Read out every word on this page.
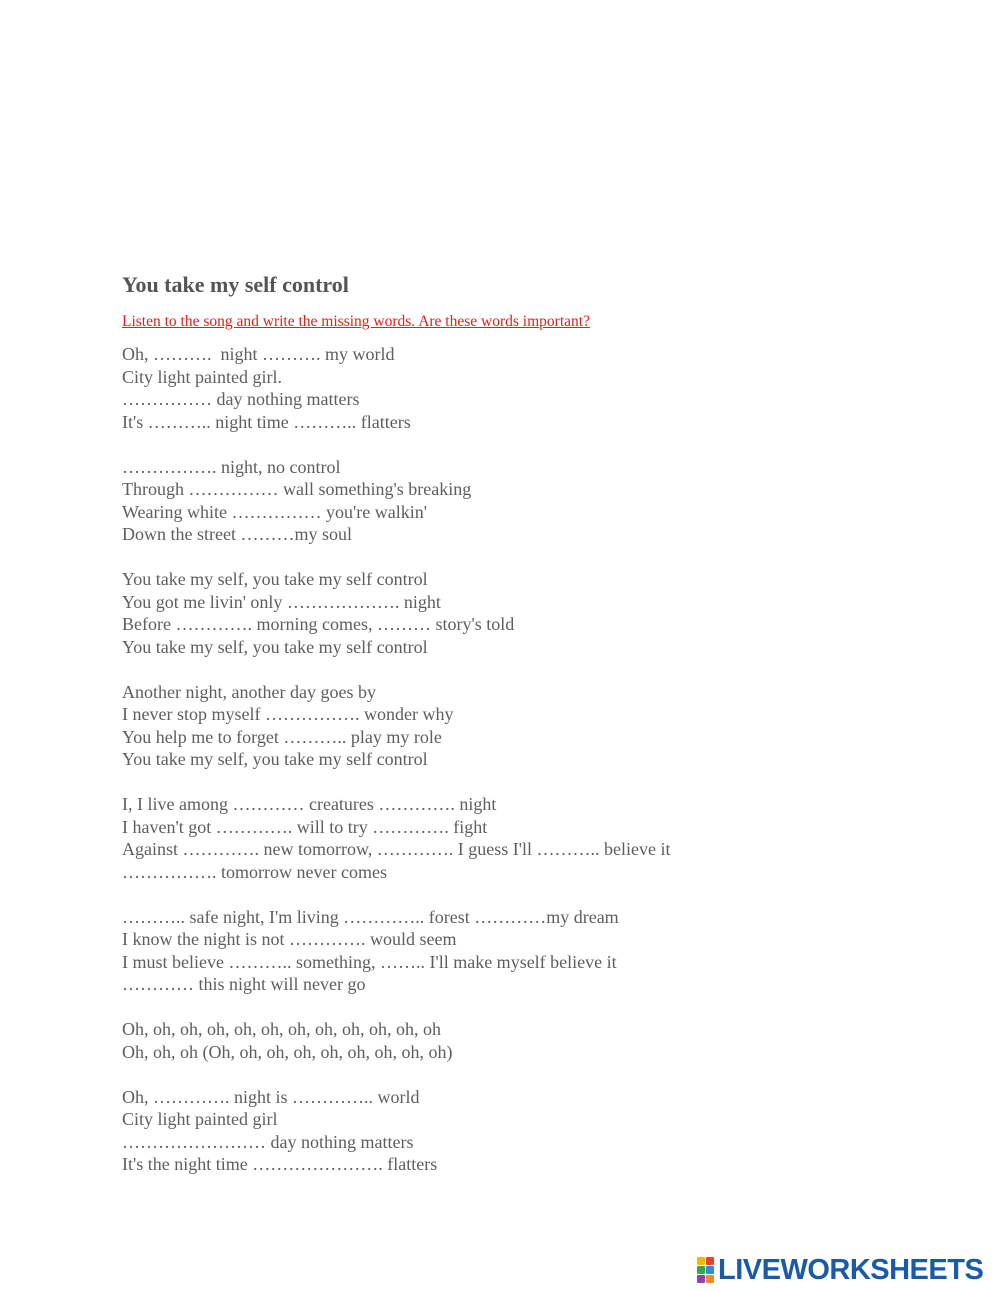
You take my self control

Listen to the song and write the missing words. Are these words important?

Oh, ……….  night ………. my world
City light painted girl.
…………… day nothing matters
It's ……….. night time ……….. flatters
……………. night, no control
Through …………… wall something's breaking
Wearing white …………… you're walkin'
Down the street ………my soul
You take my self, you take my self control
You got me livin' only ………………. night
Before …………. morning comes, ……… story's told
You take my self, you take my self control
Another night, another day goes by
I never stop myself ……………. wonder why
You help me to forget ……….. play my role
You take my self, you take my self control
I, I live among ………… creatures …………. night
I haven't got …………. will to try …………. fight
Against …………. new tomorrow, …………. I guess I'll ……….. believe it
……………. tomorrow never comes
……….. safe night, I'm living ………….. forest …………my dream
I know the night is not …………. would seem
I must believe ……….. something, …….. I'll make myself believe it
………… this night will never go
Oh, oh, oh, oh, oh, oh, oh, oh, oh, oh, oh, oh
Oh, oh, oh (Oh, oh, oh, oh, oh, oh, oh, oh, oh)
Oh, …………. night is ………….. world
City light painted girl
…………………… day nothing matters
It's the night time …………………. flatters
LIVEWORKSHEETS
